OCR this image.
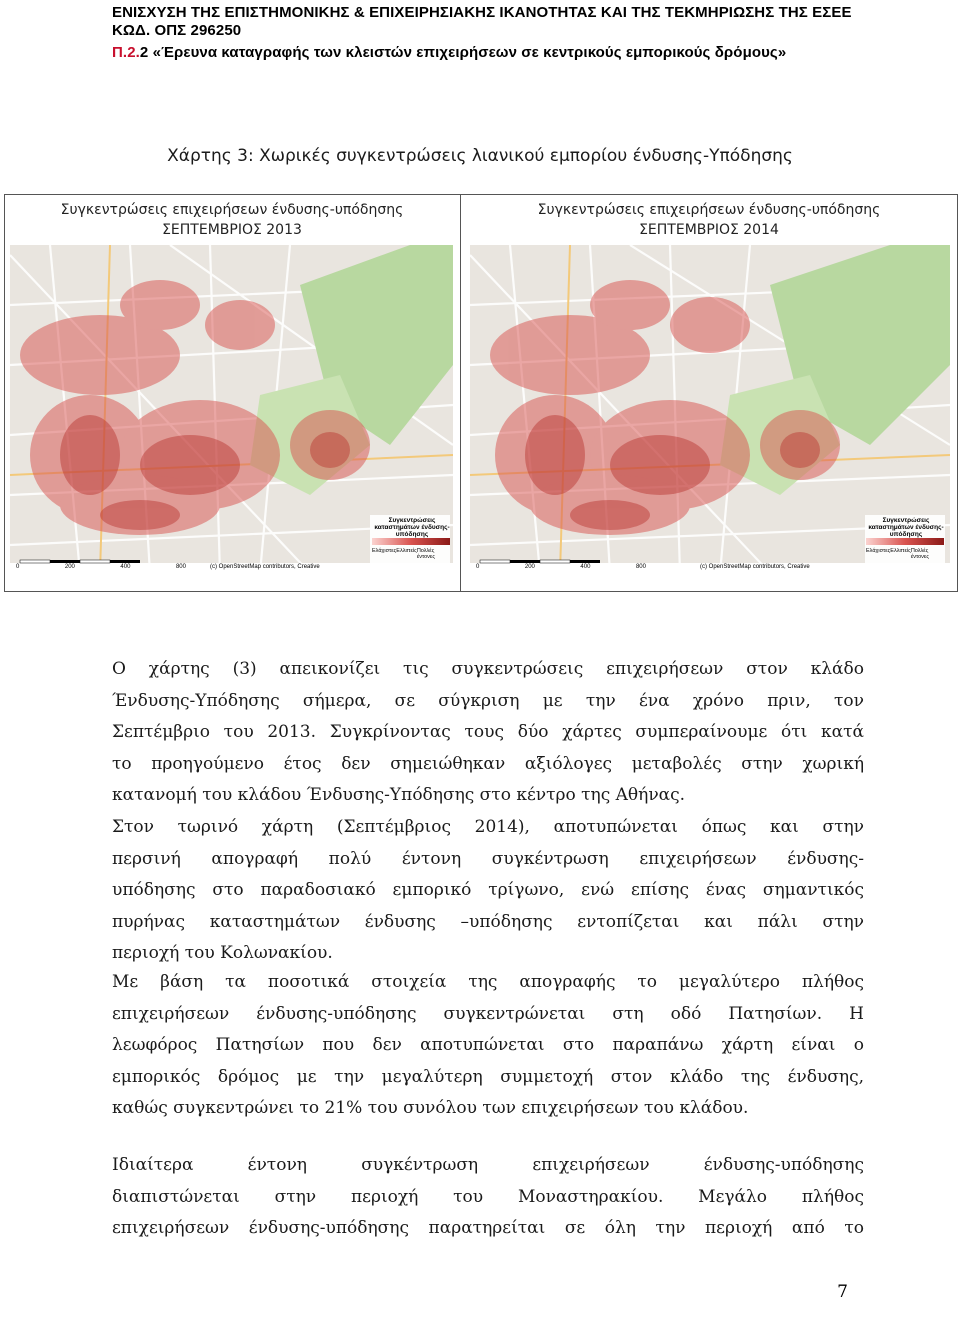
ΕΝΙΣΧΥΣΗ ΤΗΣ ΕΠΙΣΤΗΜΟΝΙΚΗΣ & ΕΠΙΧΕΙΡΗΣΙΑΚΗΣ ΙΚΑΝΟΤΗΤΑΣ ΚΑΙ ΤΗΣ ΤΕΚΜΗΡΙΩΣΗΣ ΤΗΣ ΕΣΕΕ
ΚΩΔ. ΟΠΣ 296250
Π.2.2 «Έρευνα καταγραφής των κλειστών επιχειρήσεων σε κεντρικούς εμπορικούς δρόμους»
Χάρτης 3: Χωρικές συγκεντρώσεις λιανικού εμπορίου ένδυσης-Υπόδησης
Συγκεντρώσεις επιχειρήσεων ένδυσης-υπόδησης
ΣΕΠΤΕΜΒΡΙΟΣ 2013
Συγκεντρώσεις επιχειρήσεων ένδυσης-υπόδησης
ΣΕΠΤΕΜΒΡΙΟΣ 2014
Συγκεντρώσεις καταστημάτων ένδυσης-υπόδησης
Ελάχιστες Ελλιπείς Πολλές έντονες
0	200	400	800	(c) OpenStreetMap contributors, Creative
Συγκεντρώσεις καταστημάτων ένδυσης-υπόδησης
Ελάχιστες Ελλιπείς Πολλές έντονες
0	200	400	800	(c) OpenStreetMap contributors, Creative

Ο χάρτης (3) απεικονίζει τις συγκεντρώσεις επιχειρήσεων στον κλάδο

Ένδυσης-Υπόδησης σήμερα, σε σύγκριση με την ένα χρόνο πριν, τον

Σεπτέμβριο του 2013. Συγκρίνοντας τους δύο χάρτες συμπεραίνουμε ότι κατά

το προηγούμενο έτος δεν σημειώθηκαν αξιόλογες μεταβολές στην χωρική

κατανομή του κλάδου Ένδυσης-Υπόδησης στο κέντρο της Αθήνας.

Στον τωρινό χάρτη (Σεπτέμβριος 2014), αποτυπώνεται όπως και στην

περσινή απογραφή πολύ έντονη συγκέντρωση επιχειρήσεων ένδυσης-

υπόδησης στο παραδοσιακό εμπορικό τρίγωνο, ενώ επίσης ένας σημαντικός

πυρήνας καταστημάτων ένδυσης –υπόδησης εντοπίζεται και πάλι στην

περιοχή του Κολωνακίου.

Με βάση τα ποσοτικά στοιχεία της απογραφής το μεγαλύτερο πλήθος

επιχειρήσεων ένδυσης-υπόδησης συγκεντρώνεται στη οδό Πατησίων. Η

λεωφόρος Πατησίων που δεν αποτυπώνεται στο παραπάνω χάρτη είναι ο

εμπορικός δρόμος με την μεγαλύτερη συμμετοχή στον κλάδο της ένδυσης,

καθώς συγκεντρώνει το 21% του συνόλου των επιχειρήσεων του κλάδου.

Ιδιαίτερα έντονη συγκέντρωση επιχειρήσεων ένδυσης-υπόδησης

διαπιστώνεται στην περιοχή του Μοναστηρακίου. Μεγάλο πλήθος

επιχειρήσεων ένδυσης-υπόδησης παρατηρείται σε όλη την περιοχή από το

7
